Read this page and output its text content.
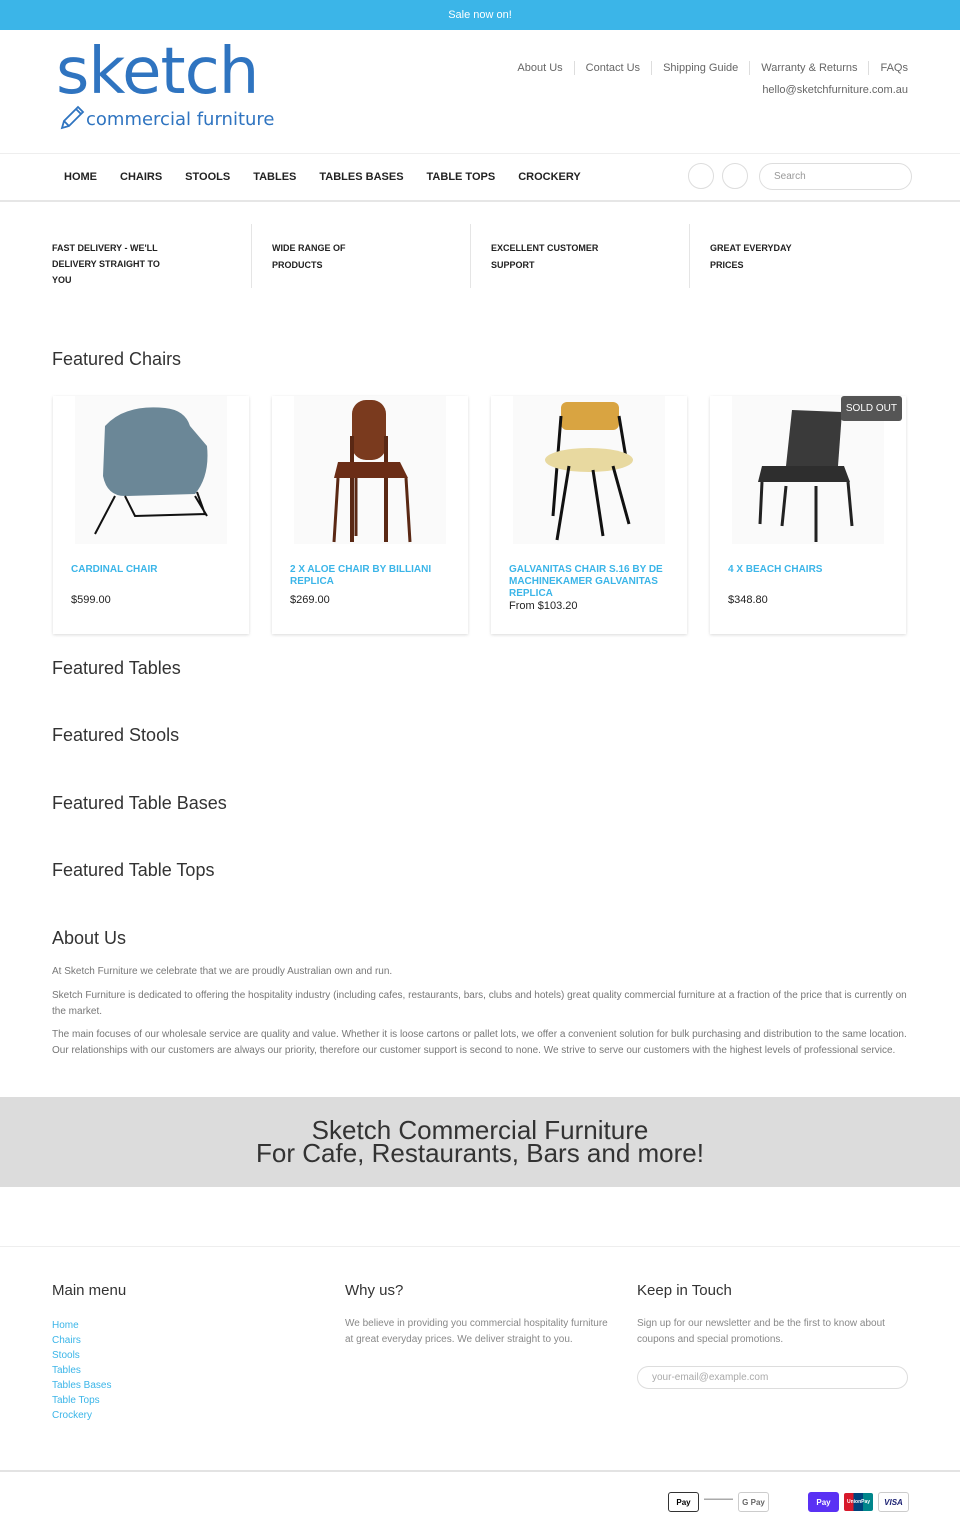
Sale now on!
sketch
commercial furniture
About Us	Contact Us	Shipping Guide	Warranty & Returns	FAQs
hello@sketchfurniture.com.au
HOME CHAIRS STOOLS TABLES TABLES BASES TABLE TOPS CROCKERY	Search
FAST DELIVERY - WE'LL DELIVERY STRAIGHT TO YOU
WIDE RANGE OF PRODUCTS
EXCELLENT CUSTOMER SUPPORT
GREAT EVERYDAY PRICES
Featured Chairs
CARDINAL CHAIR
$599.00
2 X ALOE CHAIR BY BILLIANI REPLICA
$269.00
GALVANITAS CHAIR S.16 BY DE MACHINEKAMER GALVANITAS REPLICA
From $103.20
SOLD OUT
4 X BEACH CHAIRS
$348.80
Featured Tables
Featured Stools
Featured Table Bases
Featured Table Tops
About Us

At Sketch Furniture we celebrate that we are proudly Australian own and run.

Sketch Furniture is dedicated to offering the hospitality industry (including cafes, restaurants, bars, clubs and hotels) great quality commercial furniture at a fraction of the price that is currently on the market.

The main focuses of our wholesale service are quality and value. Whether it is loose cartons or pallet lots, we offer a convenient solution for bulk purchasing and distribution to the same location. Our relationships with our customers are always our priority, therefore our customer support is second to none. We strive to serve our customers with the highest levels of professional service.

Sketch Commercial Furniture
For Cafe, Restaurants, Bars and more!
Main menu
Home
Chairs
Stools
Tables
Tables Bases
Table Tops
Crockery
Why us?
We believe in providing you commercial hospitality furniture at great everyday prices. We deliver straight to you.
Keep in Touch
Sign up for our newsletter and be the first to know about coupons and special promotions.
your-email@example.com
Pay	G Pay	Pay	UnionPay	VISA
